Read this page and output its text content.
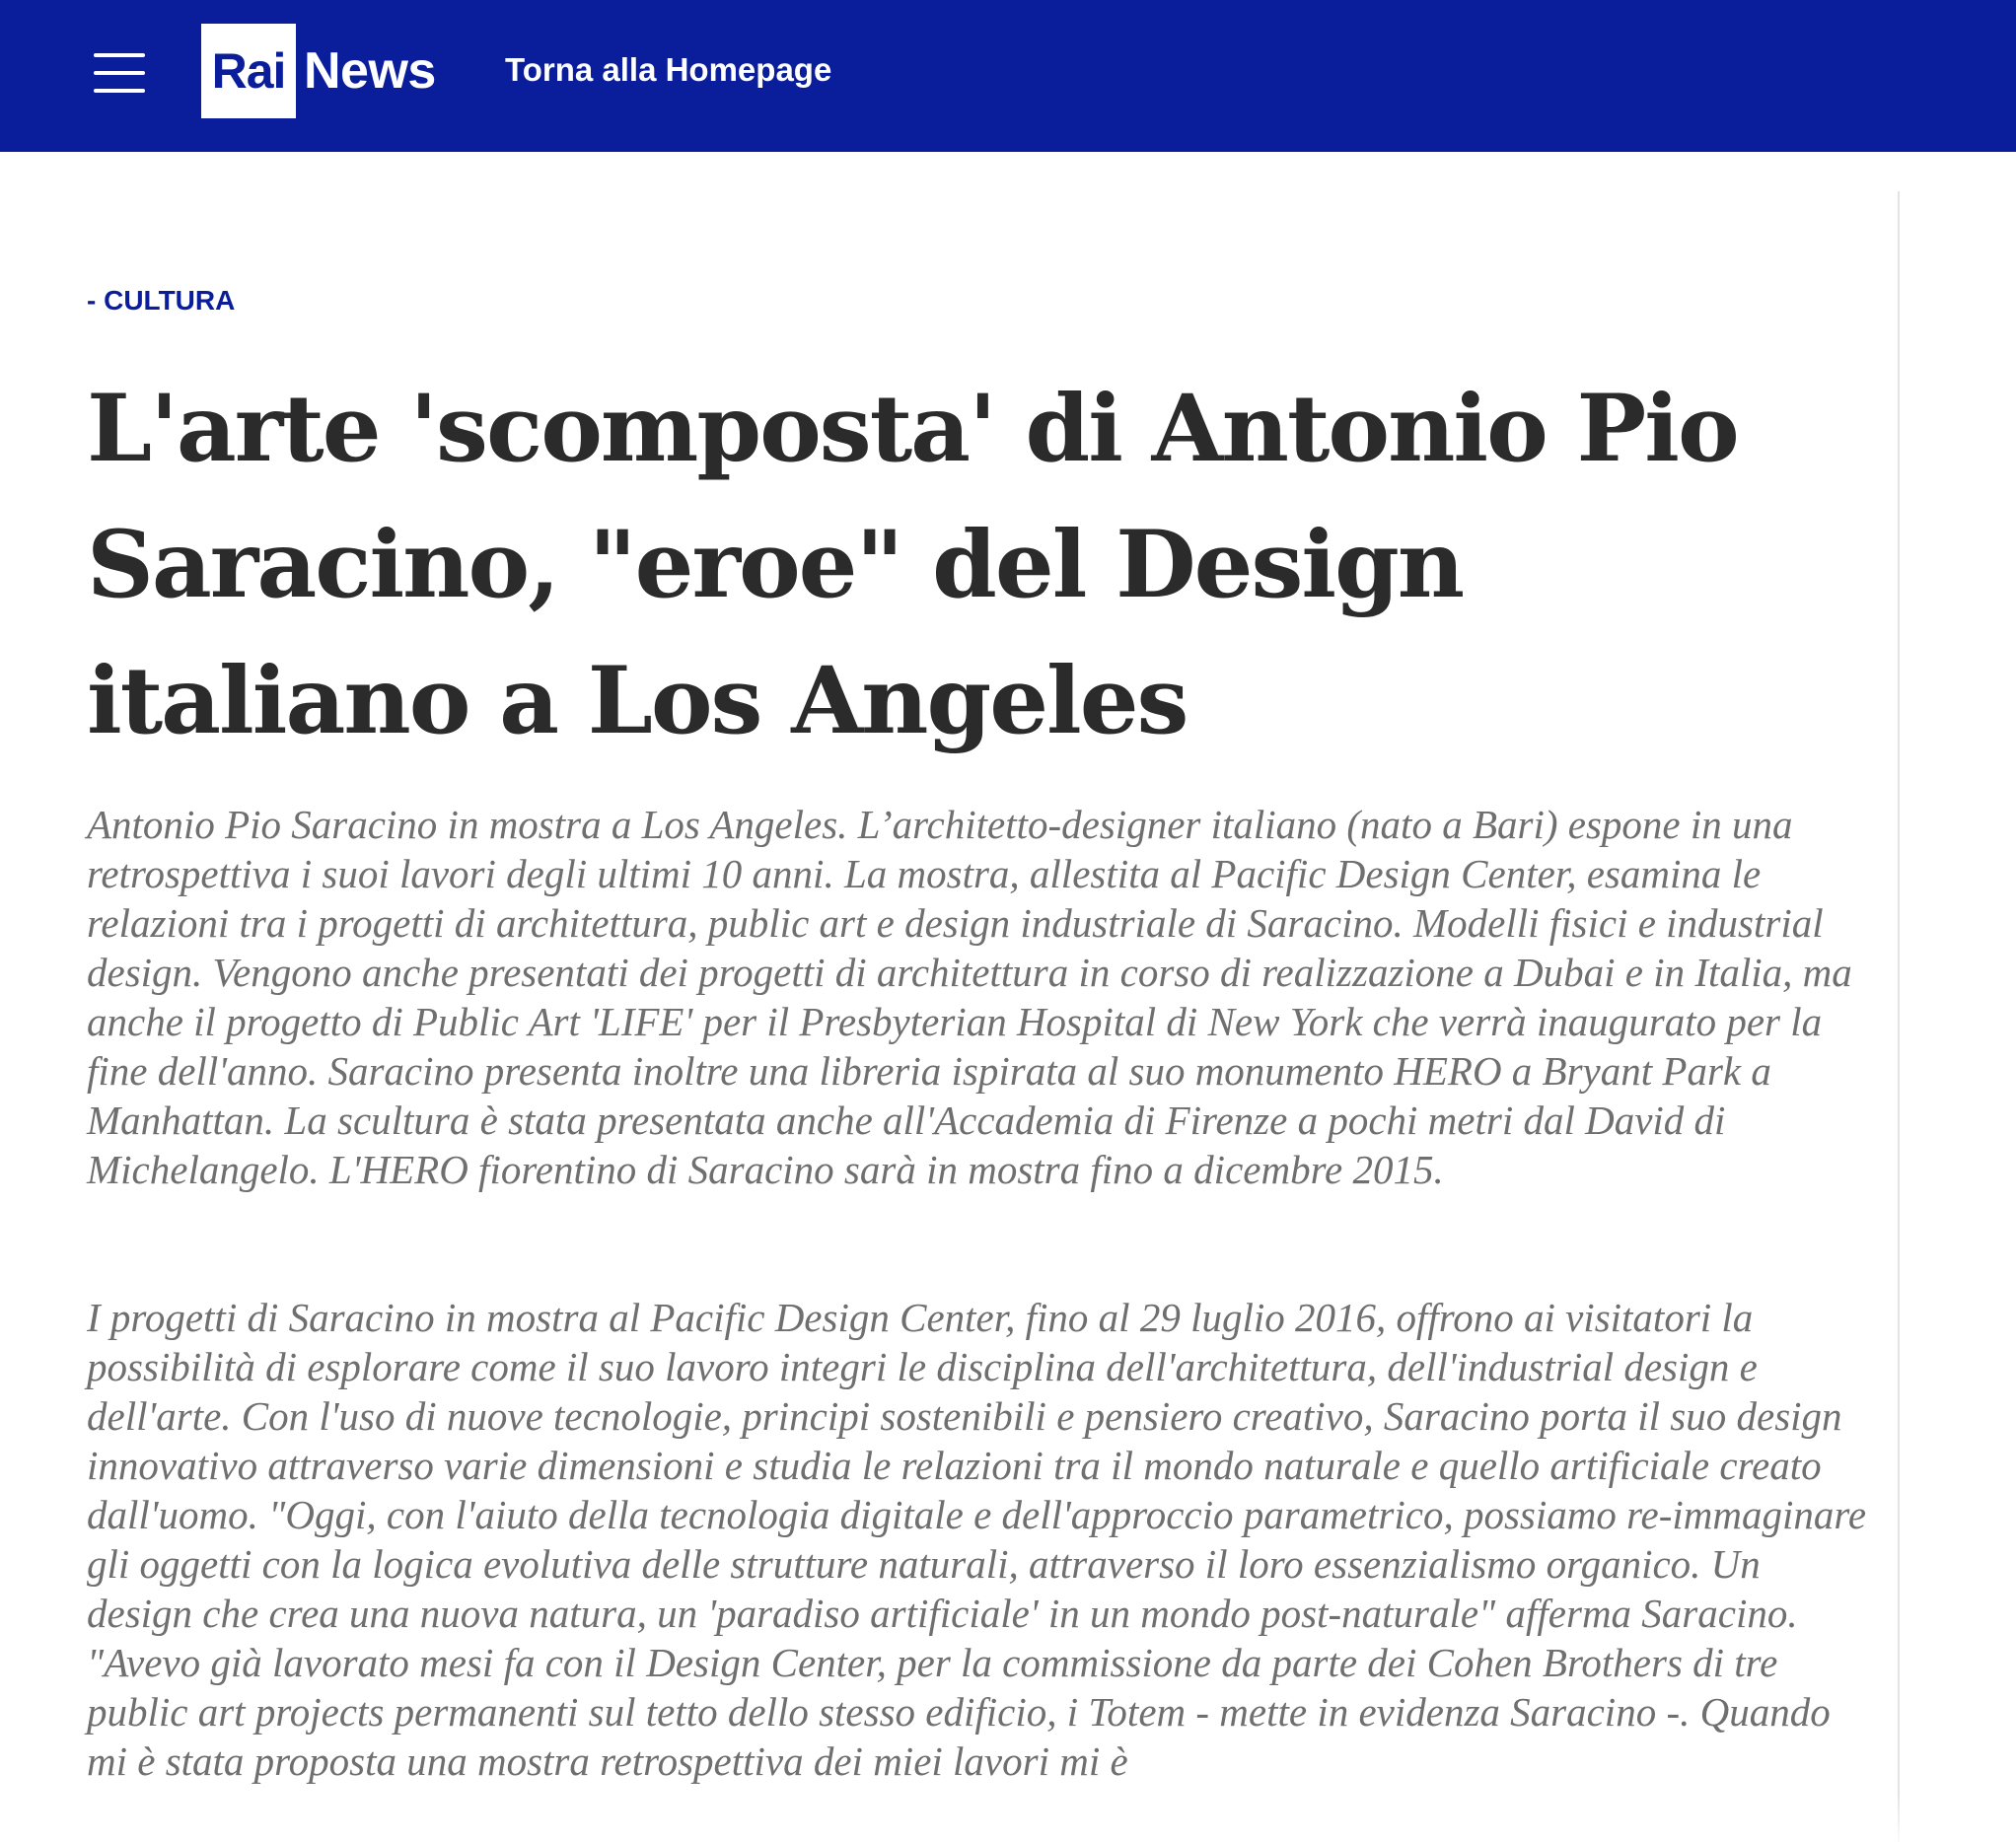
Rai News Torna alla Homepage
- CULTURA
L'arte 'scomposta' di Antonio Pio Saracino, "eroe" del Design italiano a Los Angeles

Antonio Pio Saracino in mostra a Los Angeles. L’architetto-designer italiano (nato a Bari) espone in una retrospettiva i suoi lavori degli ultimi 10 anni. La mostra, allestita al Pacific Design Center, esamina le relazioni tra i progetti di architettura, public art e design industriale di Saracino. Modelli fisici e industrial design. Vengono anche presentati dei progetti di architettura in corso di realizzazione a Dubai e in Italia, ma anche il progetto di Public Art 'LIFE' per il Presbyterian Hospital di New York che verrà inaugurato per la fine dell'anno. Saracino presenta inoltre una libreria ispirata al suo monumento HERO a Bryant Park a Manhattan. La scultura è stata presentata anche all'Accademia di Firenze a pochi metri dal David di Michelangelo. L'HERO fiorentino di Saracino sarà in mostra fino a dicembre 2015.

I progetti di Saracino in mostra al Pacific Design Center, fino al 29 luglio 2016, offrono ai visitatori la possibilità di esplorare come il suo lavoro integri le disciplina dell'architettura, dell'industrial design e dell'arte. Con l'uso di nuove tecnologie, principi sostenibili e pensiero creativo, Saracino porta il suo design innovativo attraverso varie dimensioni e studia le relazioni tra il mondo naturale e quello artificiale creato dall'uomo. "Oggi, con l'aiuto della tecnologia digitale e dell'approccio parametrico, possiamo re-immaginare gli oggetti con la logica evolutiva delle strutture naturali, attraverso il loro essenzialismo organico. Un design che crea una nuova natura, un 'paradiso artificiale' in un mondo post-naturale" afferma Saracino. "Avevo già lavorato mesi fa con il Design Center, per la commissione da parte dei Cohen Brothers di tre public art projects permanenti sul tetto dello stesso edificio, i Totem - mette in evidenza Saracino -. Quando mi è stata proposta una mostra retrospettiva dei miei lavori mi è
